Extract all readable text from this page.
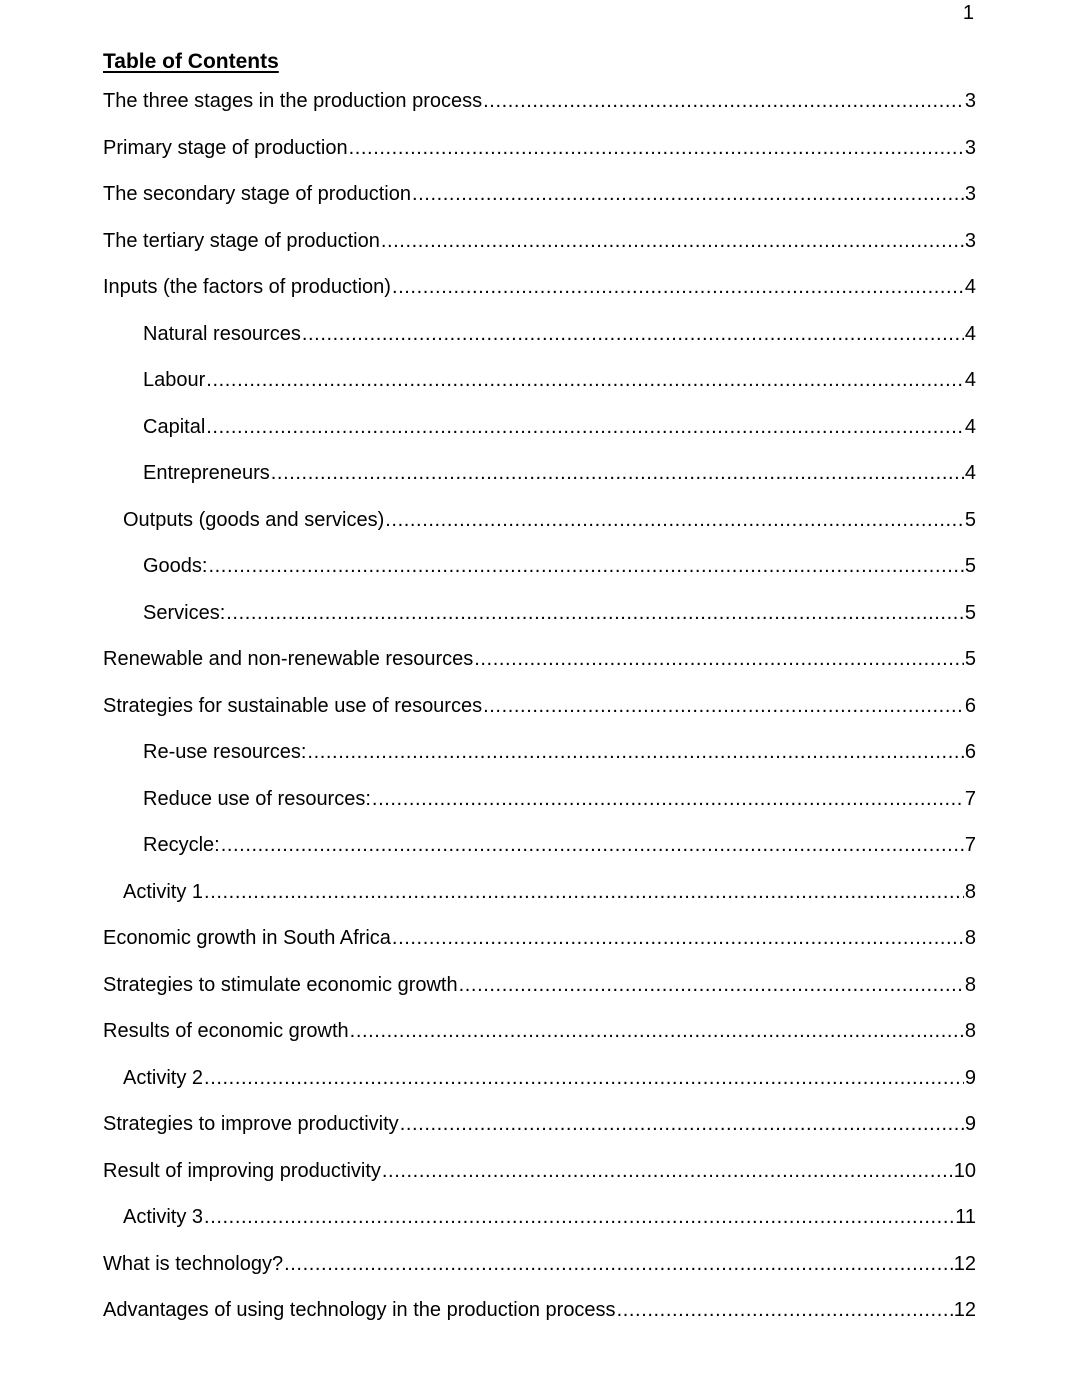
1
Table of Contents
The three stages in the production process .....	3
Primary stage of production .....	3
The secondary stage of production .....	3
The tertiary stage of production .....	3
Inputs (the factors of production) .....	4
Natural resources .....	4
Labour .....	4
Capital .....	4
Entrepreneurs .....	4
Outputs (goods and services) .....	5
Goods: .....	5
Services: .....	5
Renewable and non-renewable resources .....	5
Strategies for sustainable use of resources .....	6
Re-use resources: .....	6
Reduce use of resources: .....	7
Recycle: .....	7
Activity 1 .....	8
Economic growth in South Africa .....	8
Strategies to stimulate economic growth .....	8
Results of economic growth .....	8
Activity 2 .....	9
Strategies to improve productivity .....	9
Result of improving productivity .....	10
Activity 3 .....	11
What is technology? .....	12
Advantages of using technology in the production process .....	12
